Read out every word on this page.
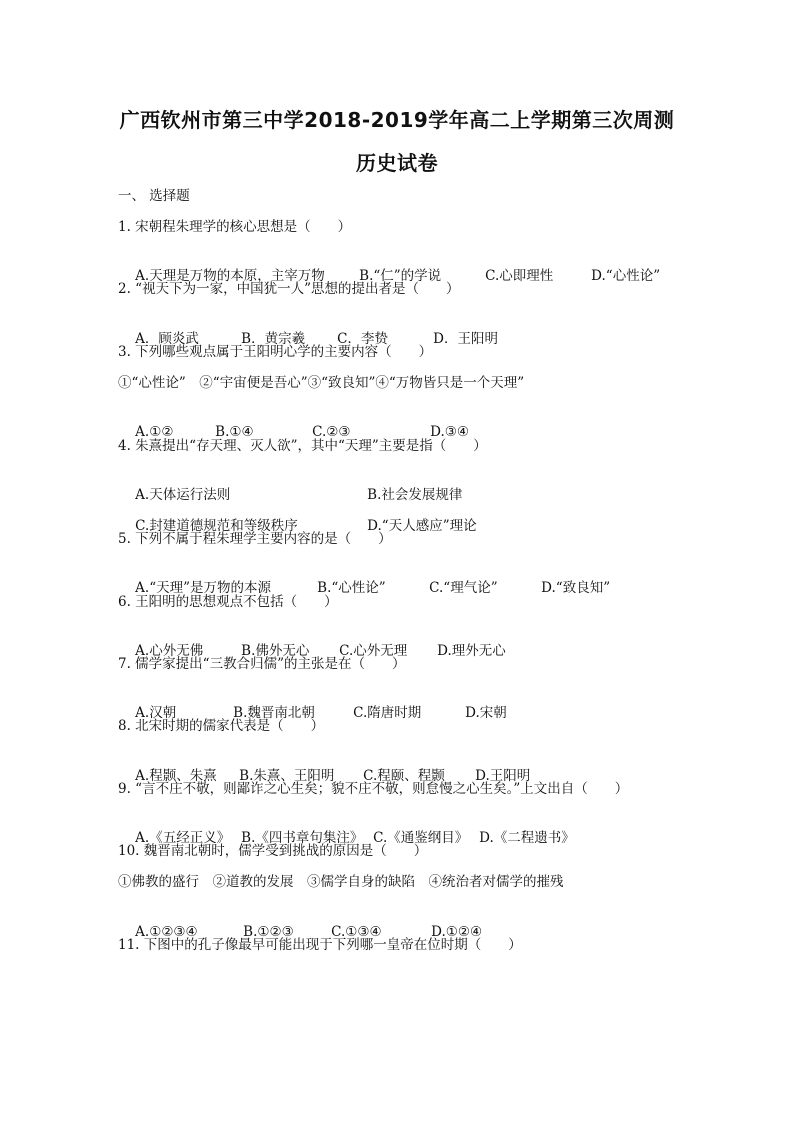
广西钦州市第三中学2018-2019学年高二上学期第三次周测
历史试卷
一、 选择题
1. 宋朝程朱理学的核心思想是（　　）

A.天理是万物的本原，主宰万物	B.“仁”的学说	C.心即理性	D.“心性论”

2. “视天下为一家，中国犹一人”思想的提出者是（　　）

A．顾炎武	B．黄宗羲 C．李贽	D．王阳明

3. 下列哪些观点属于王阳明心学的主要内容（　　）
①“心性论”　②“宇宙便是吾心”③“致良知”④“万物皆只是一个天理”

A.①②	B.①④	C.②③	D.③④

4. 朱熹提出“存天理、灭人欲”，其中“天理”主要是指（　　）

A.天体运行法则	B.社会发展规律

C.封建道德规范和等级秩序	D.“天人感应”理论

5. 下列不属于程朱理学主要内容的是（　　）

A.“天理”是万物的本源	B.“心性论”	C.“理气论”	D.“致良知”

6. 王阳明的思想观点不包括（　　）

A.心外无佛	B.佛外无心 C.心外无理 D.理外无心

7. 儒学家提出“三教合归儒”的主张是在（　　）

A.汉朝	B.魏晋南北朝	C.隋唐时期	D.宋朝

8. 北宋时期的儒家代表是（　　）

A.程颢、朱熹 B.朱熹、王阳明 C.程颐、程颢 D.王阳明

9. “言不庄不敬，则鄙诈之心生矣；貌不庄不敬，则怠慢之心生矣。”上文出自（　　）

A.《五经正义》 B.《四书章句集注》 C.《通鉴纲目》 D.《二程遗书》

10. 魏晋南北朝时，儒学受到挑战的原因是（　　）
①佛教的盛行　②道教的发展　③儒学自身的缺陷　④统治者对儒学的摧残

A.①②③④	B.①②③	C.①③④	D.①②④

11. 下图中的孔子像最早可能出现于下列哪一皇帝在位时期（　　）
